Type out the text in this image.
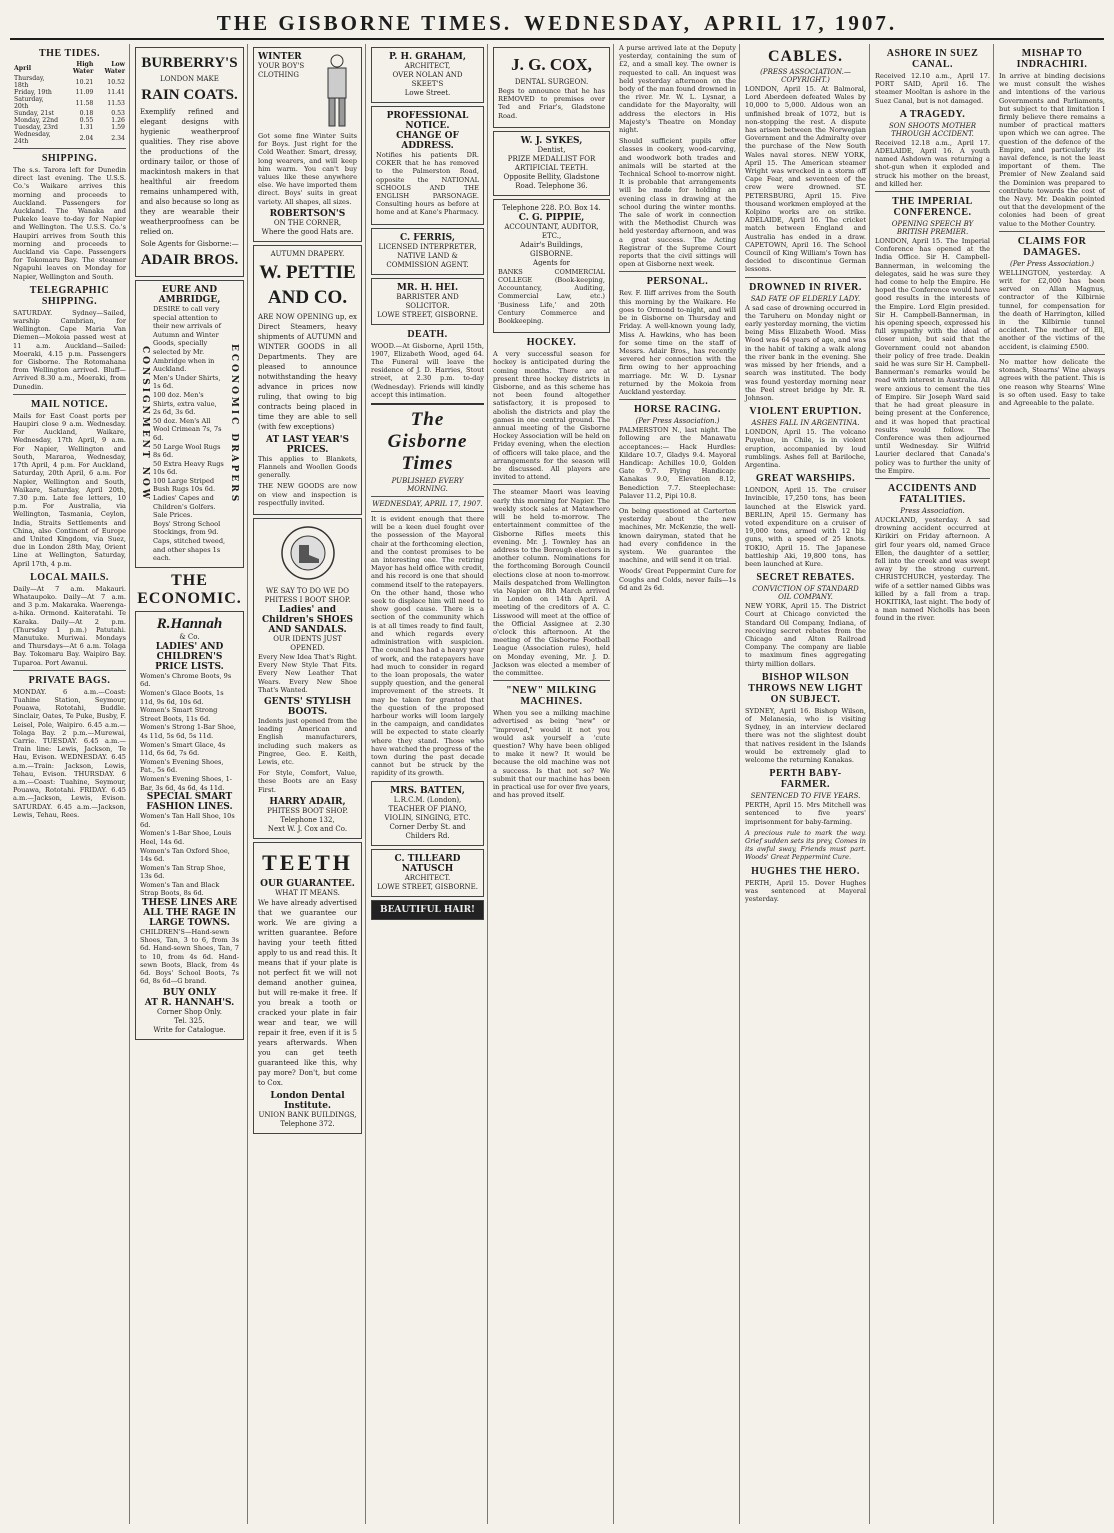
THE GISBORNE TIMES. WEDNESDAY, APRIL 17, 1907.
THE TIDES.
April	High Water	Low Water
Thursday, 18th	10.21	10.52
Friday, 19th	11.09	11.41
Saturday, 20th	11.58	11.53
Sunday, 21st	0.18	0.53
Monday, 22nd	0.55	1.26
Tuesday, 23rd	1.31	1.59
Wednesday, 24th	2.04	2.34
SHIPPING.

The s.s. Tarora left for Dunedin direct last evening. The U.S.S. Co.'s Waikare arrives this morning and proceeds to Auckland. Passengers for Auckland. The Wanaka and Pukeko leave to-day for Napier and Wellington. The U.S.S. Co.'s Haupiri arrives from South this morning and proceeds to Auckland via Cape. Passengers for Tokomaru Bay. The steamer Ngapuhi leaves on Monday for Napier, Wellington and South.

TELEGRAPHIC SHIPPING.

SATURDAY. Sydney—Sailed, warship Cambrian, for Wellington. Cape Maria Van Diemen—Mokoia passed west at 11 a.m. Auckland—Sailed: Moeraki, 4.15 p.m. Passengers for Gisborne. The Rotomahana from Wellington arrived. Bluff—Arrived 8.30 a.m., Moeraki, from Dunedin.

MAIL NOTICE.

Mails for East Coast ports per Haupiri close 9 a.m. Wednesday. For Auckland, Waikare, Wednesday, 17th April, 9 a.m. For Napier, Wellington and South, Mararoa, Wednesday, 17th April, 4 p.m. For Auckland, Saturday, 20th April, 6 a.m. For Napier, Wellington and South, Waikare, Saturday, April 20th, 7.30 p.m. Late fee letters, 10 p.m. For Australia, via Wellington, Tasmania, Ceylon, India, Straits Settlements and China, also Continent of Europe and United Kingdom, via Suez, due in London 28th May, Orient Line at Wellington, Saturday, April 17th, 4 p.m.

LOCAL MAILS.

Daily—At 7 a.m. Makauri. Whataupoko. Daily—At 7 a.m. and 3 p.m. Makaraka. Waerenga-a-hika. Ormond. Kaiteratahi. Te Karaka. Daily—At 2 p.m. (Thursday 1 p.m.) Patutahi. Manutuke. Muriwai. Mondays and Thursdays—At 6 a.m. Tolaga Bay. Tokomaru Bay. Waipiro Bay. Tuparoa. Port Awanui.

PRIVATE BAGS.

MONDAY. 6 a.m.—Coast: Tuahine Station, Seymour, Pouawa, Rototahi, Buddle. Sinclair, Oates, Te Puke, Busby, F. Leisel, Pole, Waipiro. 6.45 a.m.—Tolaga Bay. 2 p.m.—Murewai, Carrie. TUESDAY. 6.45 a.m.—Train line: Lewis, Jackson, Te Hau, Evison. WEDNESDAY. 6.45 a.m.—Train: Jackson, Lewis, Tehau, Evison. THURSDAY. 6 a.m.—Coast: Tuahine, Seymour, Pouawa, Rototahi. FRIDAY. 6.45 a.m.—Jackson, Lewis, Evison. SATURDAY. 6.45 a.m.—Jackson, Lewis, Tehau, Rees.

BURBERRY'S
LONDON MAKE
RAIN COATS.

Exemplify refined and elegant designs with hygienic weatherproof qualities. They rise above the productions of the ordinary tailor, or those of mackintosh makers in that healthful air freedom remains unhampered with, and also because so long as they are wearable their weatherproofness can be relied on.

Sole Agents for Gisborne:—
ADAIR BROS.
CONSIGNMENT NOW
EURE AND AMBRIDGE,

DESIRE to call very special attention to their new arrivals of Autumn and Winter Goods, specially selected by Mr. Ambridge when in Auckland.

Men's Under Shirts, 1s 6d.

100 doz. Men's Shirts, extra value, 2s 6d, 3s 6d.

50 doz. Men's All Wool Crimean 7s, 7s 6d.

50 Large Wool Rugs 8s 6d.

50 Extra Heavy Rugs 10s 6d.

100 Large Striped Bush Rugs 10s 6d.

Ladies' Capes and Children's Golfers. Sale Prices.

Boys' Strong School Stockings, from 9d.

Caps, stitched tweed, and other shapes 1s each.

ECONOMIC DRAPERS
THE ECONOMIC.
R.Hannah
& Co.
LADIES' AND CHILDREN'S
PRICE LISTS.

Women's Chrome Boots, 9s 6d.

Women's Glace Boots, 1s 11d, 9s 6d, 10s 6d.

Women's Smart Strong Street Boots, 11s 6d.

Women's Strong 1-Bar Shoe, 4s 11d, 5s 6d, 5s 11d.

Women's Smart Glace, 4s 11d, 6s 6d, 7s 6d.

Women's Evening Shoes, Pat., 5s 6d.

Women's Evening Shoes, 1-Bar, 3s 6d, 4s 6d, 4s 11d.

SPECIAL SMART FASHION LINES.

Women's Tan Hall Shoe, 10s 6d.

Women's 1-Bar Shoe, Louis Heel, 14s 6d.

Women's Tan Oxford Shoe, 14s 6d.

Women's Tan Strap Shoe, 13s 6d.

Women's Tan and Black Strap Boots, 8s 6d.

THESE LINES ARE ALL THE RAGE IN LARGE TOWNS.

CHILDREN'S—Hand-sewn Shoes, Tan, 3 to 6, from 3s 6d. Hand-sewn Shoes, Tan, 7 to 10, from 4s 6d. Hand-sewn Boots, Black, from 4s 6d. Boys' School Boots, 7s 6d, 8s 6d—G brand.

BUY ONLY
AT R. HANNAH'S.
Corner Shop Only.
Tel. 325.
Write for Catalogue.
WINTER
YOUR BOY'S
CLOTHING

Got some fine Winter Suits for Boys. Just right for the Cold Weather. Smart, dressy, long wearers, and will keep him warm. You can't buy values like these anywhere else. We have imported them direct. Boys' suits in great variety. All shapes, all sizes.

ROBERTSON'S
ON THE CORNER,
Where the good Hats are.
AUTUMN DRAPERY.
W. PETTIE
AND CO.

ARE NOW OPENING up, ex Direct Steamers, heavy shipments of AUTUMN and WINTER GOODS in all Departments. They are pleased to announce notwithstanding the heavy advance in prices now ruling, that owing to big contracts being placed in time they are able to sell (with few exceptions)

AT LAST YEAR'S PRICES.

This applies to Blankets, Flannels and Woollen Goods generally.

THE NEW GOODS are now on view and inspection is respectfully invited.

WE SAY TO DO WE DO
PHITESS I BOOT SHOP.
Ladies' and Children's SHOES AND SANDALS.
OUR IDENTS JUST OPENED.

Every New Idea That's Right. Every New Style That Fits. Every New Leather That Wears. Every New Shoe That's Wanted.

GENTS' STYLISH BOOTS.

Indents just opened from the leading American and English manufacturers, including such makers as Pingree, Geo. E. Keith, Lewis, etc.

For Style, Comfort, Value, these Boots are an Easy First.

HARRY ADAIR,
PHITESS BOOT SHOP.
Telephone 132,
Next W. J. Cox and Co.
TEETH
OUR GUARANTEE.
WHAT IT MEANS.

We have already advertised that we guarantee our work. We are giving a written guarantee. Before having your teeth fitted apply to us and read this. It means that if your plate is not perfect fit we will not demand another guinea, but will re-make it free. If you break a tooth or cracked your plate in fair wear and tear, we will repair it free, even if it is 5 years afterwards. When you can get teeth guaranteed like this, why pay more? Don't, but come to Cox.

London Dental Institute.
UNION BANK BUILDINGS,
Telephone 372.
P. H. GRAHAM,
ARCHITECT,
OVER NOLAN AND SKEET'S
Lowe Street.
PROFESSIONAL NOTICE.
CHANGE OF ADDRESS.

Notifies his patients DR. COKER that he has removed to the Palmerston Road, opposite the NATIONAL SCHOOLS AND THE ENGLISH PARSONAGE. Consulting hours as before at home and at Kane's Pharmacy.

C. FERRIS,
LICENSED INTERPRETER,
NATIVE LAND & COMMISSION AGENT.
MR. H. HEI.
BARRISTER AND SOLICITOR.
LOWE STREET, GISBORNE.
DEATH.

WOOD.—At Gisborne, April 15th, 1907, Elizabeth Wood, aged 64. The Funeral will leave the residence of J. D. Harries, Stout street, at 2.30 p.m. to-day (Wednesday). Friends will kindly accept this intimation.

The Gisborne Times
PUBLISHED EVERY MORNING.
WEDNESDAY, APRIL 17, 1907.

It is evident enough that there will be a keen duel fought over the possession of the Mayoral chair at the forthcoming election, and the contest promises to be an interesting one. The retiring Mayor has held office with credit, and his record is one that should commend itself to the ratepayers. On the other hand, those who seek to displace him will need to show good cause. There is a section of the community which is at all times ready to find fault, and which regards every administration with suspicion. The council has had a heavy year of work, and the ratepayers have had much to consider in regard to the loan proposals, the water supply question, and the general improvement of the streets. It may be taken for granted that the question of the proposed harbour works will loom largely in the campaign, and candidates will be expected to state clearly where they stand. Those who have watched the progress of the town during the past decade cannot but be struck by the rapidity of its growth.

MRS. BATTEN,
L.R.C.M. (London),
TEACHER OF PIANO, VIOLIN, SINGING, ETC.
Corner Derby St. and Childers Rd.
C. TILLEARD NATUSCH
ARCHITECT.
LOWE STREET, GISBORNE.
BEAUTIFUL HAIR!
J. G. COX,
DENTAL SURGEON.

Begs to announce that he has REMOVED to premises over Ted and Friar's, Gladstone Road.

W. J. SYKES,
Dentist,
PRIZE MEDALLIST FOR ARTIFICIAL TEETH.
Opposite Bellity, Gladstone Road. Telephone 36.
Telephone 228. P.O. Box 14.
C. G. PIPPIE,
ACCOUNTANT, AUDITOR, ETC.,
Adair's Buildings, GISBORNE.
Agents for

BANKS COMMERCIAL COLLEGE (Book-keeping, Accountancy, Auditing, Commercial Law, etc.) 'Business Life,' and 20th Century Commerce and Bookkeeping.

HOCKEY.

A very successful season for hockey is anticipated during the coming months. There are at present three hockey districts in Gisborne, and as this scheme has not been found altogether satisfactory, it is proposed to abolish the districts and play the games in one central ground. The annual meeting of the Gisborne Hockey Association will be held on Friday evening, when the election of officers will take place, and the arrangements for the season will be discussed. All players are invited to attend.

The steamer Maori was leaving early this morning for Napier. The weekly stock sales at Matawhero will be held to-morrow. The entertainment committee of the Gisborne Rifles meets this evening. Mr. J. Townley has an address to the Borough electors in another column. Nominations for the forthcoming Borough Council elections close at noon to-morrow. Mails despatched from Wellington via Napier on 8th March arrived in London on 14th April. A meeting of the creditors of A. C. Lisswood will meet at the office of the Official Assignee at 2.30 o'clock this afternoon. At the meeting of the Gisborne Football League (Association rules), held on Monday evening, Mr. J. D. Jackson was elected a member of the committee.

"NEW" MILKING MACHINES.

When you see a milking machine advertised as being "new" or "improved," would it not you would ask yourself a 'cute question? Why have been obliged to make it new? It would be because the old machine was not a success. Is that not so? We submit that our machine has been in practical use for over five years, and has proved itself.

A purse arrived late at the Deputy yesterday, containing the sum of £2, and a small key. The owner is requested to call. An inquest was held yesterday afternoon on the body of the man found drowned in the river. Mr. W. L. Lysnar, a candidate for the Mayoralty, will address the electors in His Majesty's Theatre on Monday night.

Should sufficient pupils offer classes in cookery, wood-carving, and woodwork both trades and animals will be started at the Technical School to-morrow night. It is probable that arrangements will be made for holding an evening class in drawing at the school during the winter months. The sale of work in connection with the Methodist Church was held yesterday afternoon, and was a great success. The Acting Registrar of the Supreme Court reports that the civil sittings will open at Gisborne next week.

PERSONAL.

Rev. F. Iliff arrives from the South this morning by the Waikare. He goes to Ormond to-night, and will be in Gisborne on Thursday and Friday. A well-known young lady, Miss A. Hawkins, who has been for some time on the staff of Messrs. Adair Bros., has recently severed her connection with the firm owing to her approaching marriage. Mr. W. D. Lysnar returned by the Mokoia from Auckland yesterday.

HORSE RACING.
(Per Press Association.)

PALMERSTON N., last night. The following are the Manawatu acceptances:— Hack Hurdles: Kildare 10.7, Gladys 9.4. Mayoral Handicap: Achilles 10.0, Golden Gate 9.7. Flying Handicap: Kanakas 9.0, Elevation 8.12, Benediction 7.7. Steeplechase: Palaver 11.2, Pipi 10.8.

On being questioned at Carterton yesterday about the new machines, Mr. McKenzie, the well-known dairyman, stated that he had every confidence in the system. We guarantee the machine, and will send it on trial.

Woods' Great Peppermint Cure for Coughs and Colds, never fails—1s 6d and 2s 6d.

CABLES.
(PRESS ASSOCIATION.—COPYRIGHT.)

LONDON, April 15. At Balmoral, Lord Aberdeen defeated Wales by 10,000 to 5,000. Aldous won an unfinished break of 1072, but is non-stopping the rest. A dispute has arisen between the Norwegian Government and the Admiralty over the purchase of the New South Wales naval stores. NEW YORK, April 15. The American steamer Wright was wrecked in a storm off Cape Fear, and seventeen of the crew were drowned. ST. PETERSBURG, April 15. Five thousand workmen employed at the Kolpino works are on strike. ADELAIDE, April 16. The cricket match between England and Australia has ended in a draw. CAPETOWN, April 16. The School Council of King William's Town has decided to discontinue German lessons.

DROWNED IN RIVER.
SAD FATE OF ELDERLY LADY.

A sad case of drowning occurred in the Taruheru on Monday night or early yesterday morning, the victim being Miss Elizabeth Wood. Miss Wood was 64 years of age, and was in the habit of taking a walk along the river bank in the evening. She was missed by her friends, and a search was instituted. The body was found yesterday morning near the Peel street bridge by Mr. R. Johnson.

VIOLENT ERUPTION.
ASHES FALL IN ARGENTINA.

LONDON, April 15. The volcano Puyehue, in Chile, is in violent eruption, accompanied by loud rumblings. Ashes fell at Bariloche, Argentina.

GREAT WARSHIPS.

LONDON, April 15. The cruiser Invincible, 17,250 tons, has been launched at the Elswick yard. BERLIN, April 15. Germany has voted expenditure on a cruiser of 19,000 tons, armed with 12 big guns, with a speed of 25 knots. TOKIO, April 15. The Japanese battleship Aki, 19,800 tons, has been launched at Kure.

SECRET REBATES.
CONVICTION OF STANDARD OIL COMPANY.

NEW YORK, April 15. The District Court at Chicago convicted the Standard Oil Company, Indiana, of receiving secret rebates from the Chicago and Alton Railroad Company. The company are liable to maximum fines aggregating thirty million dollars.

BISHOP WILSON THROWS NEW LIGHT ON SUBJECT.

SYDNEY, April 16. Bishop Wilson, of Melanesia, who is visiting Sydney, in an interview declared there was not the slightest doubt that natives resident in the Islands would be extremely glad to welcome the returning Kanakas.

PERTH BABY-FARMER.
SENTENCED TO FIVE YEARS.

PERTH, April 15. Mrs Mitchell was sentenced to five years' imprisonment for baby-farming.

A precious rule to mark the way. Grief sudden sets its prey, Comes in its awful sway, Friends must part. Woods' Great Peppermint Cure.

HUGHES THE HERO.

PERTH, April 15. Dover Hughes was sentenced at Mayeral yesterday.

ASHORE IN SUEZ CANAL.

Received 12.10 a.m., April 17. PORT SAID, April 16. The steamer Mooltan is ashore in the Suez Canal, but is not damaged.

A TRAGEDY.
SON SHOOTS MOTHER THROUGH ACCIDENT.

Received 12.18 a.m., April 17. ADELAIDE, April 16. A youth named Ashdown was returning a shot-gun when it exploded and struck his mother on the breast, and killed her.

THE IMPERIAL CONFERENCE.
OPENING SPEECH BY BRITISH PREMIER.

LONDON, April 15. The Imperial Conference has opened at the India Office. Sir H. Campbell-Bannerman, in welcoming the delegates, said he was sure they had come to help the Empire. He hoped the Conference would have good results in the interests of the Empire. Lord Elgin presided. Sir H. Campbell-Bannerman, in his opening speech, expressed his full sympathy with the ideal of closer union, but said that the Government could not abandon their policy of free trade. Deakin said he was sure Sir H. Campbell-Bannerman's remarks would be read with interest in Australia. All were anxious to cement the ties of Empire. Sir Joseph Ward said that he had great pleasure in being present at the Conference, and it was hoped that practical results would follow. The Conference was then adjourned until Wednesday. Sir Wilfrid Laurier declared that Canada's policy was to further the unity of the Empire.

ACCIDENTS AND FATALITIES.
Press Association.

AUCKLAND, yesterday. A sad drowning accident occurred at Kirikiri on Friday afternoon. A girl four years old, named Grace Ellen, the daughter of a settler, fell into the creek and was swept away by the strong current. CHRISTCHURCH, yesterday. The wife of a settler named Gibbs was killed by a fall from a trap. HOKITIKA, last night. The body of a man named Nicholls has been found in the river.

MISHAP TO INDRACHIRI.

In arrive at binding decisions we must consult the wishes and intentions of the various Governments and Parliaments, but subject to that limitation I firmly believe there remains a number of practical matters upon which we can agree. The question of the defence of the Empire, and particularly its naval defence, is not the least important of them. The Premier of New Zealand said the Dominion was prepared to contribute towards the cost of the Navy. Mr. Deakin pointed out that the development of the colonies had been of great value to the Mother Country.

CLAIMS FOR DAMAGES.
(Per Press Association.)

WELLINGTON, yesterday. A writ for £2,000 has been served on Allan Magnus, contractor of the Kilbirnie tunnel, for compensation for the death of Harrington, killed in the Kilbirnie tunnel accident. The mother of Ell, another of the victims of the accident, is claiming £500.

No matter how delicate the stomach, Stearns' Wine always agrees with the patient. This is one reason why Stearns' Wine is so often used. Easy to take and Agreeable to the palate.
